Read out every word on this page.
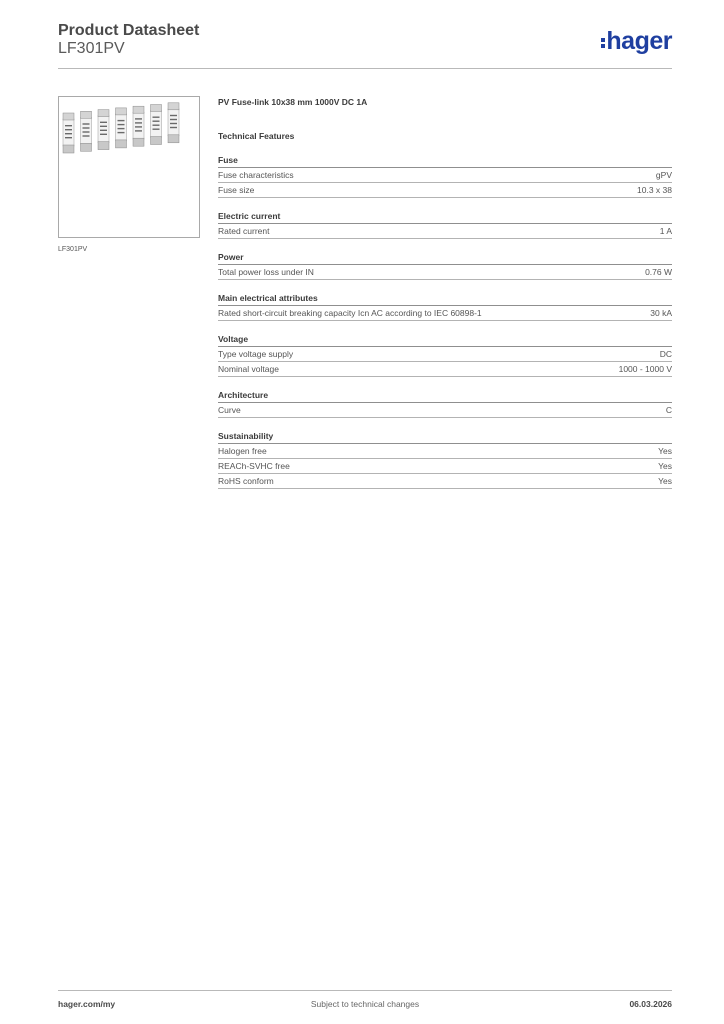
Product Datasheet
LF301PV	hager
LF301PV
PV Fuse-link 10x38 mm 1000V DC 1A
Technical Features
Fuse
Fuse characteristics	gPV
Fuse size	10.3 x 38
Electric current
Rated current	1 A
Power
Total power loss under IN	0.76 W
Main electrical attributes
Rated short-circuit breaking capacity Icn AC according to IEC 60898-1	30 kA
Voltage
Type voltage supply	DC
Nominal voltage	1000 - 1000 V
Architecture
Curve	C
Sustainability
Halogen free	Yes
REACh-SVHC free	Yes
RoHS conform	Yes
hager.com/my	Subject to technical changes	06.03.2026
